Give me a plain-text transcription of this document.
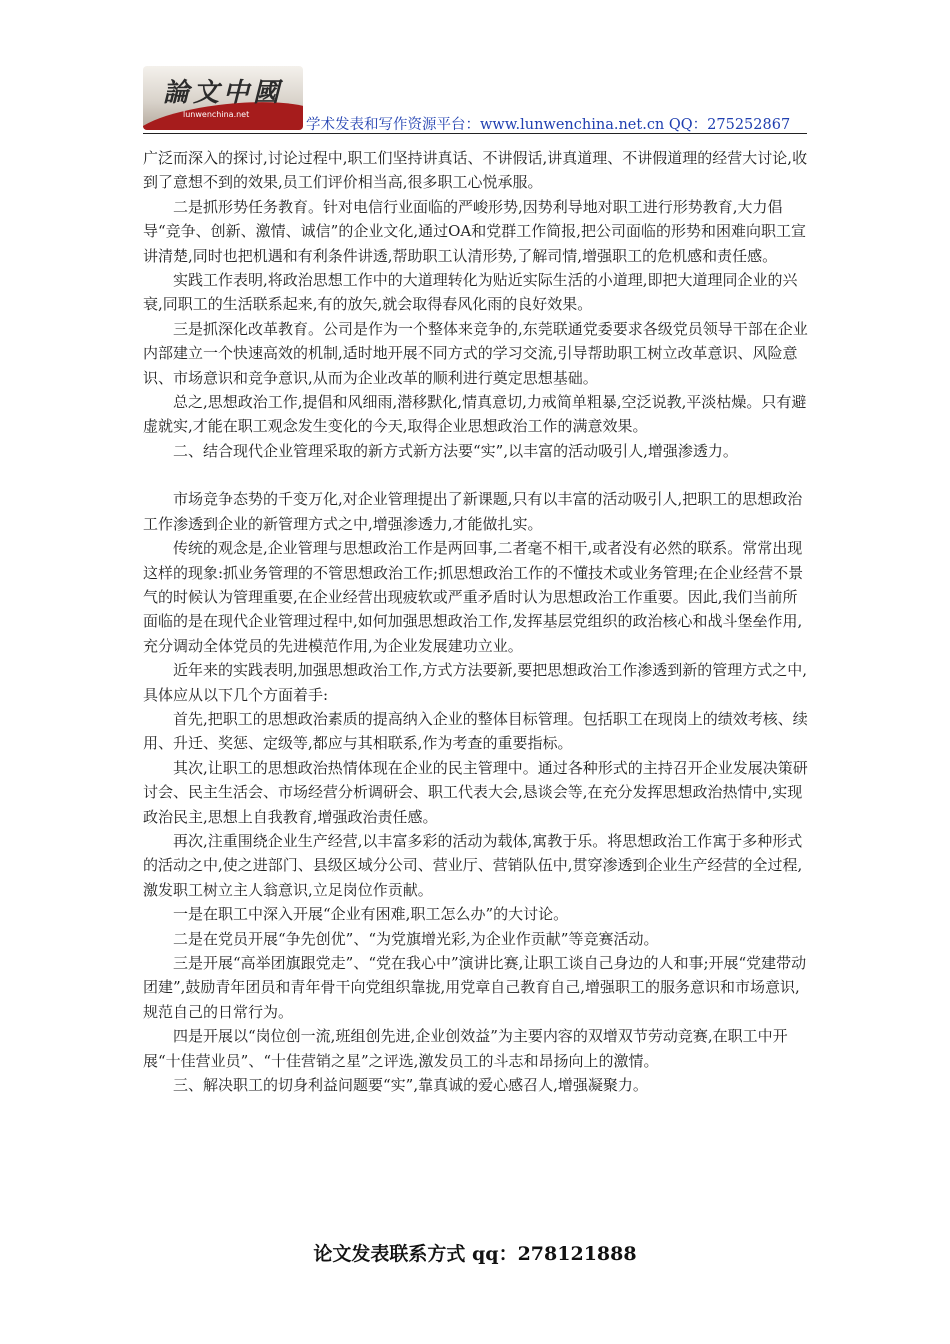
論文中國
lunwenchina.net
学术发表和写作资源平台：www.lunwenchina.net.cn QQ：275252867

广泛而深入的探讨,讨论过程中,职工们坚持讲真话、不讲假话,讲真道理、不讲假道理的经营大讨论,收到了意想不到的效果,员工们评价相当高,很多职工心悦承服。

二是抓形势任务教育。针对电信行业面临的严峻形势,因势利导地对职工进行形势教育,大力倡导“竞争、创新、激情、诚信”的企业文化,通过OA和党群工作简报,把公司面临的形势和困难向职工宣讲清楚,同时也把机遇和有利条件讲透,帮助职工认清形势,了解司情,增强职工的危机感和责任感。

实践工作表明,将政治思想工作中的大道理转化为贴近实际生活的小道理,即把大道理同企业的兴衰,同职工的生活联系起来,有的放矢,就会取得春风化雨的良好效果。

三是抓深化改革教育。公司是作为一个整体来竞争的,东莞联通党委要求各级党员领导干部在企业内部建立一个快速高效的机制,适时地开展不同方式的学习交流,引导帮助职工树立改革意识、风险意识、市场意识和竞争意识,从而为企业改革的顺利进行奠定思想基础。

总之,思想政治工作,提倡和风细雨,潜移默化,情真意切,力戒简单粗暴,空泛说教,平淡枯燥。只有避虚就实,才能在职工观念发生变化的今天,取得企业思想政治工作的满意效果。

二、结合现代企业管理采取的新方式新方法要“实”,以丰富的活动吸引人,增强渗透力。

市场竞争态势的千变万化,对企业管理提出了新课题,只有以丰富的活动吸引人,把职工的思想政治工作渗透到企业的新管理方式之中,增强渗透力,才能做扎实。

传统的观念是,企业管理与思想政治工作是两回事,二者毫不相干,或者没有必然的联系。常常出现这样的现象:抓业务管理的不管思想政治工作;抓思想政治工作的不懂技术或业务管理;在企业经营不景气的时候认为管理重要,在企业经营出现疲软或严重矛盾时认为思想政治工作重要。因此,我们当前所面临的是在现代企业管理过程中,如何加强思想政治工作,发挥基层党组织的政治核心和战斗堡垒作用,充分调动全体党员的先进模范作用,为企业发展建功立业。

近年来的实践表明,加强思想政治工作,方式方法要新,要把思想政治工作渗透到新的管理方式之中,具体应从以下几个方面着手:

首先,把职工的思想政治素质的提高纳入企业的整体目标管理。包括职工在现岗上的绩效考核、续用、升迁、奖惩、定级等,都应与其相联系,作为考查的重要指标。

其次,让职工的思想政治热情体现在企业的民主管理中。通过各种形式的主持召开企业发展决策研讨会、民主生活会、市场经营分析调研会、职工代表大会,恳谈会等,在充分发挥思想政治热情中,实现政治民主,思想上自我教育,增强政治责任感。

再次,注重围绕企业生产经营,以丰富多彩的活动为载体,寓教于乐。将思想政治工作寓于多种形式的活动之中,使之进部门、县级区域分公司、营业厅、营销队伍中,贯穿渗透到企业生产经营的全过程,激发职工树立主人翁意识,立足岗位作贡献。

一是在职工中深入开展“企业有困难,职工怎么办”的大讨论。

二是在党员开展“争先创优”、“为党旗增光彩,为企业作贡献”等竞赛活动。

三是开展“高举团旗跟党走”、“党在我心中”演讲比赛,让职工谈自己身边的人和事;开展“党建带动团建”,鼓励青年团员和青年骨干向党组织靠拢,用党章自己教育自己,增强职工的服务意识和市场意识,规范自己的日常行为。

四是开展以“岗位创一流,班组创先进,企业创效益”为主要内容的双增双节劳动竞赛,在职工中开展“十佳营业员”、“十佳营销之星”之评选,激发员工的斗志和昂扬向上的激情。

三、解决职工的切身利益问题要“实”,靠真诚的爱心感召人,增强凝聚力。

论文发表联系方式 qq：278121888
